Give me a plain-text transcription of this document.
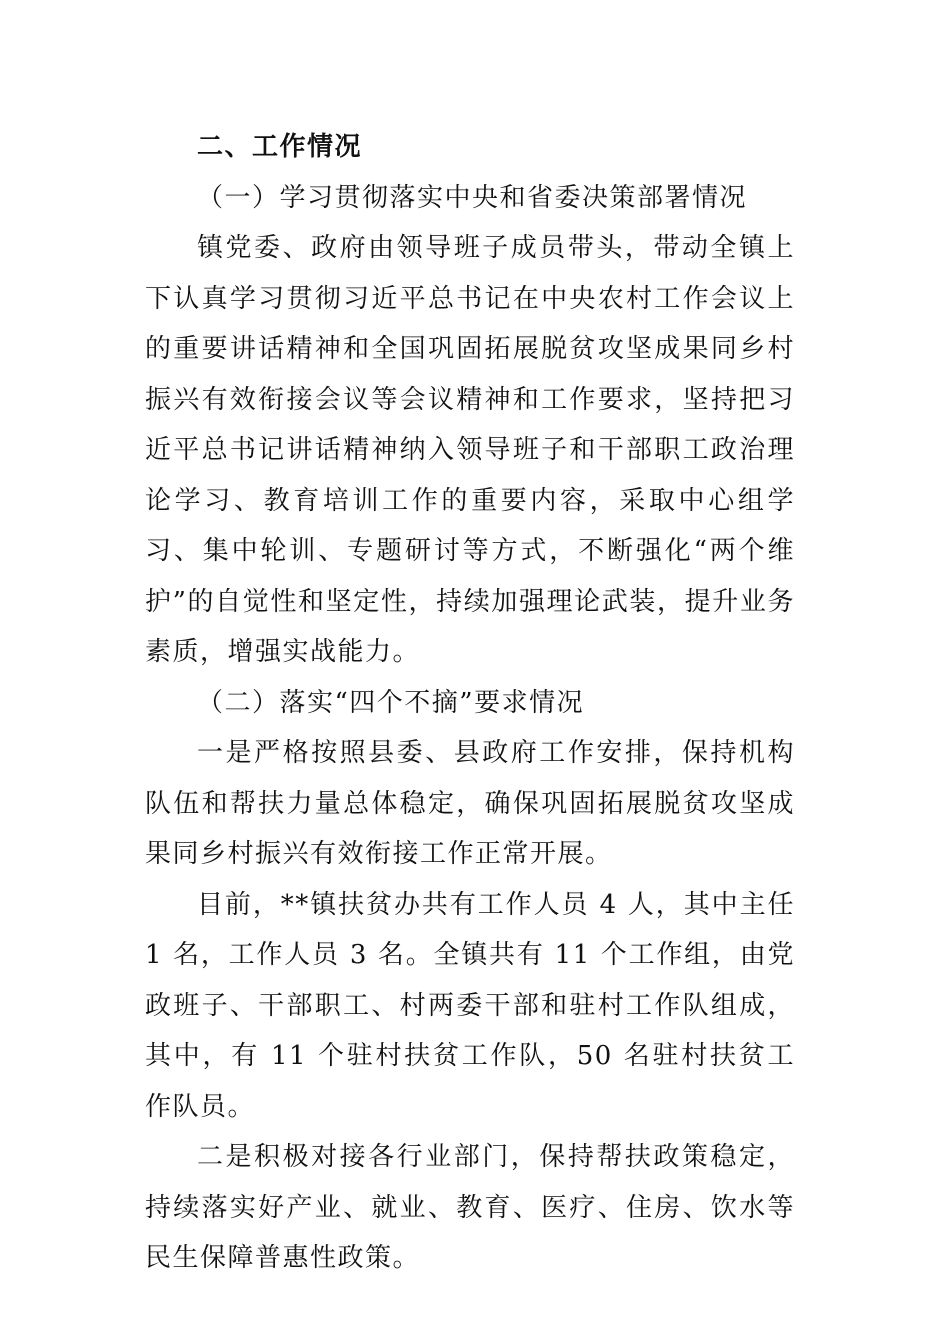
二、工作情况

（一）学习贯彻落实中央和省委决策部署情况

镇党委、政府由领导班子成员带头，带动全镇上下认真学习贯彻习近平总书记在中央农村工作会议上的重要讲话精神和全国巩固拓展脱贫攻坚成果同乡村振兴有效衔接会议等会议精神和工作要求，坚持把习近平总书记讲话精神纳入领导班子和干部职工政治理论学习、教育培训工作的重要内容，采取中心组学习、集中轮训、专题研讨等方式，不断强化“两个维护”的自觉性和坚定性，持续加强理论武装，提升业务素质，增强实战能力。

（二）落实“四个不摘”要求情况

一是严格按照县委、县政府工作安排，保持机构队伍和帮扶力量总体稳定，确保巩固拓展脱贫攻坚成果同乡村振兴有效衔接工作正常开展。

目前，**镇扶贫办共有工作人员 4 人，其中主任 1 名，工作人员 3 名。全镇共有 11 个工作组，由党政班子、干部职工、村两委干部和驻村工作队组成，其中，有 11 个驻村扶贫工作队，50 名驻村扶贫工作队员。

二是积极对接各行业部门，保持帮扶政策稳定，持续落实好产业、就业、教育、医疗、住房、饮水等民生保障普惠性政策。
